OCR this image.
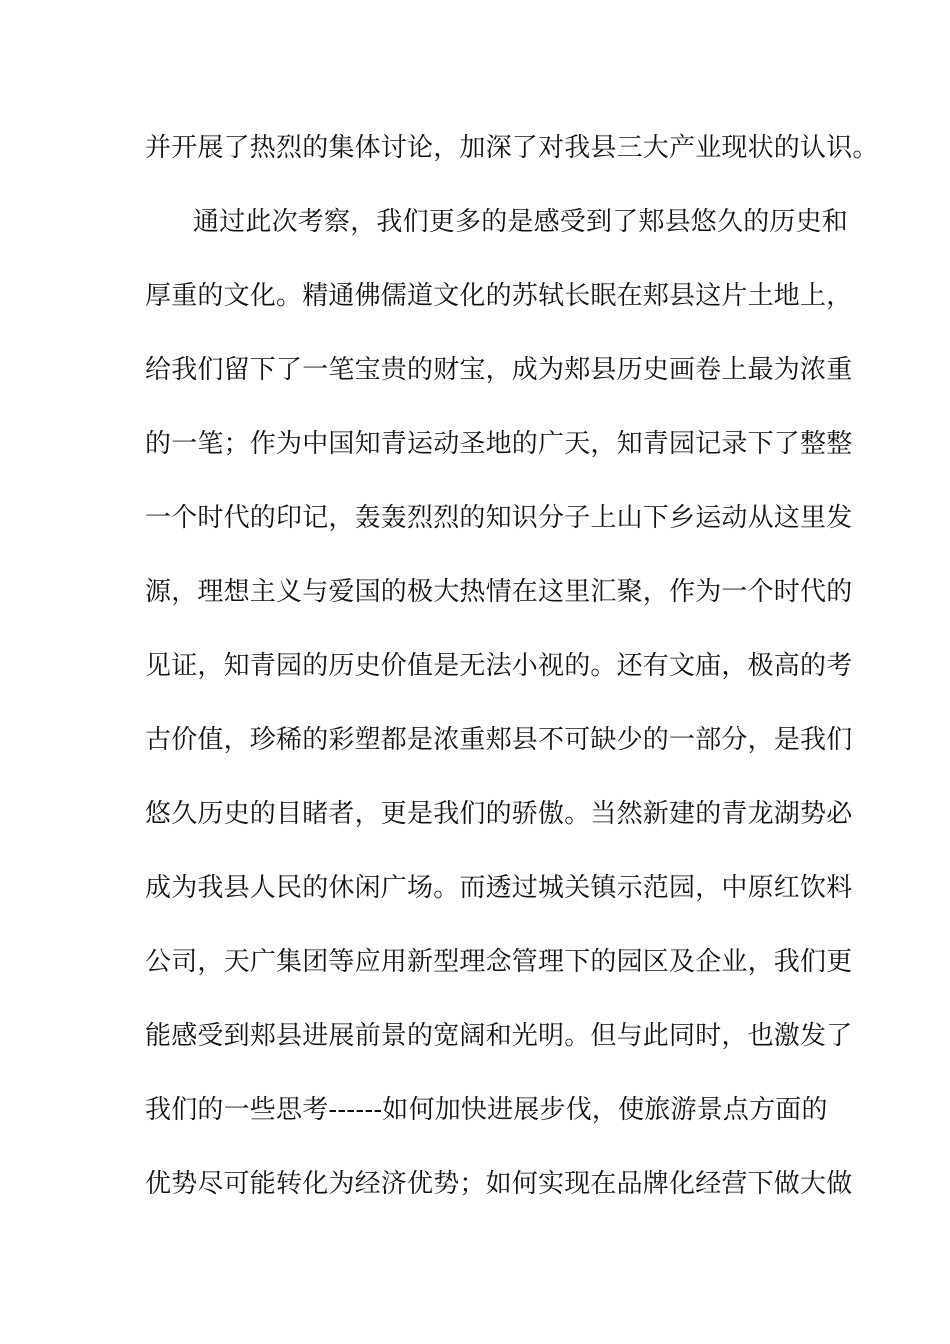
并开展了热烈的集体讨论，加深了对我县三大产业现状的认识。
通过此次考察，我们更多的是感受到了郏县悠久的历史和
厚重的文化。精通佛儒道文化的苏轼长眠在郏县这片土地上，
给我们留下了一笔宝贵的财宝，成为郏县历史画卷上最为浓重
的一笔；作为中国知青运动圣地的广天，知青园记录下了整整
一个时代的印记，轰轰烈烈的知识分子上山下乡运动从这里发
源，理想主义与爱国的极大热情在这里汇聚，作为一个时代的
见证，知青园的历史价值是无法小视的。还有文庙，极高的考
古价值，珍稀的彩塑都是浓重郏县不可缺少的一部分，是我们
悠久历史的目睹者，更是我们的骄傲。当然新建的青龙湖势必
成为我县人民的休闲广场。而透过城关镇示范园，中原红饮料
公司，天广集团等应用新型理念管理下的园区及企业，我们更
能感受到郏县进展前景的宽阔和光明。但与此同时，也激发了
我们的一些思考------如何加快进展步伐，使旅游景点方面的
优势尽可能转化为经济优势；如何实现在品牌化经营下做大做
